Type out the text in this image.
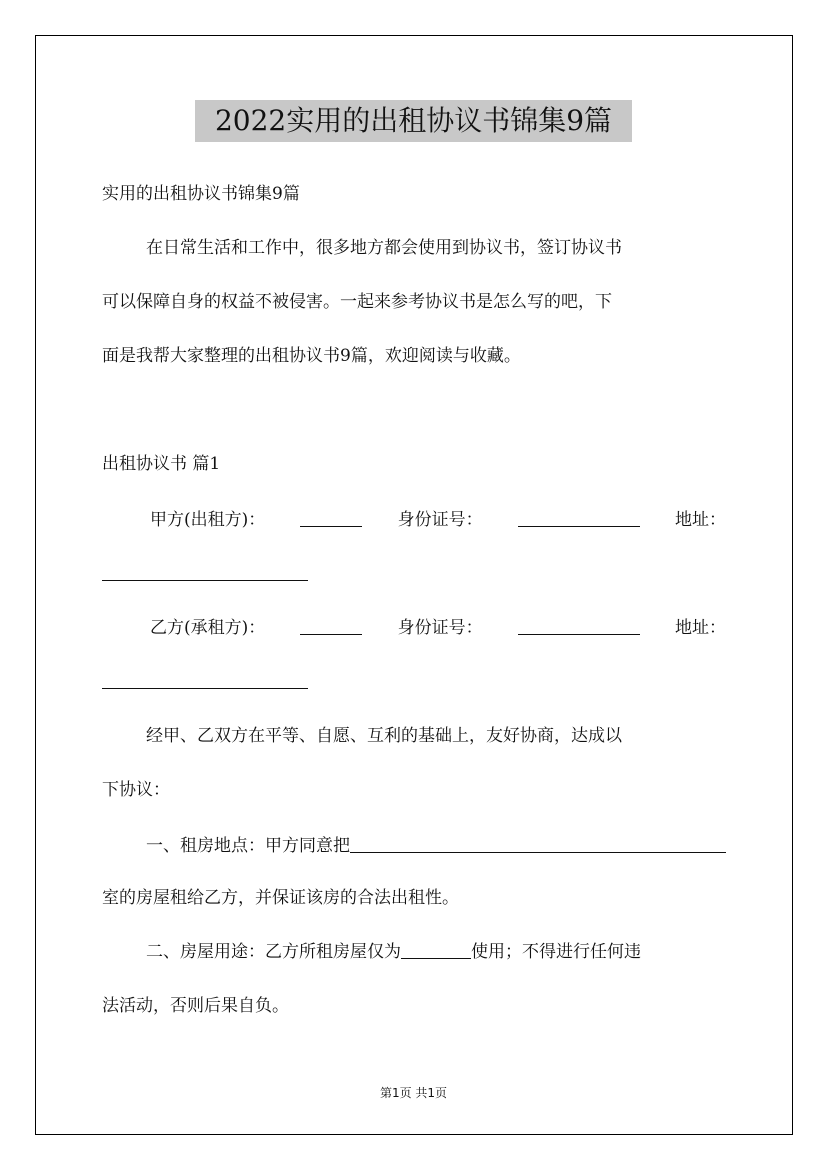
2022实用的出租协议书锦集9篇
实用的出租协议书锦集9篇
在日常生活和工作中，很多地方都会使用到协议书，签订协议书
可以保障自身的权益不被侵害。一起来参考协议书是怎么写的吧，下
面是我帮大家整理的出租协议书9篇，欢迎阅读与收藏。
出租协议书 篇1
甲方(出租方)：	身份证号：	地址：
乙方(承租方)：	身份证号：	地址：
经甲、乙双方在平等、自愿、互利的基础上，友好协商，达成以
下协议：
一、租房地点：甲方同意把
室的房屋租给乙方，并保证该房的合法出租性。
二、房屋用途：乙方所租房屋仅为	使用；不得进行任何违
法活动，否则后果自负。
第1页 共1页
